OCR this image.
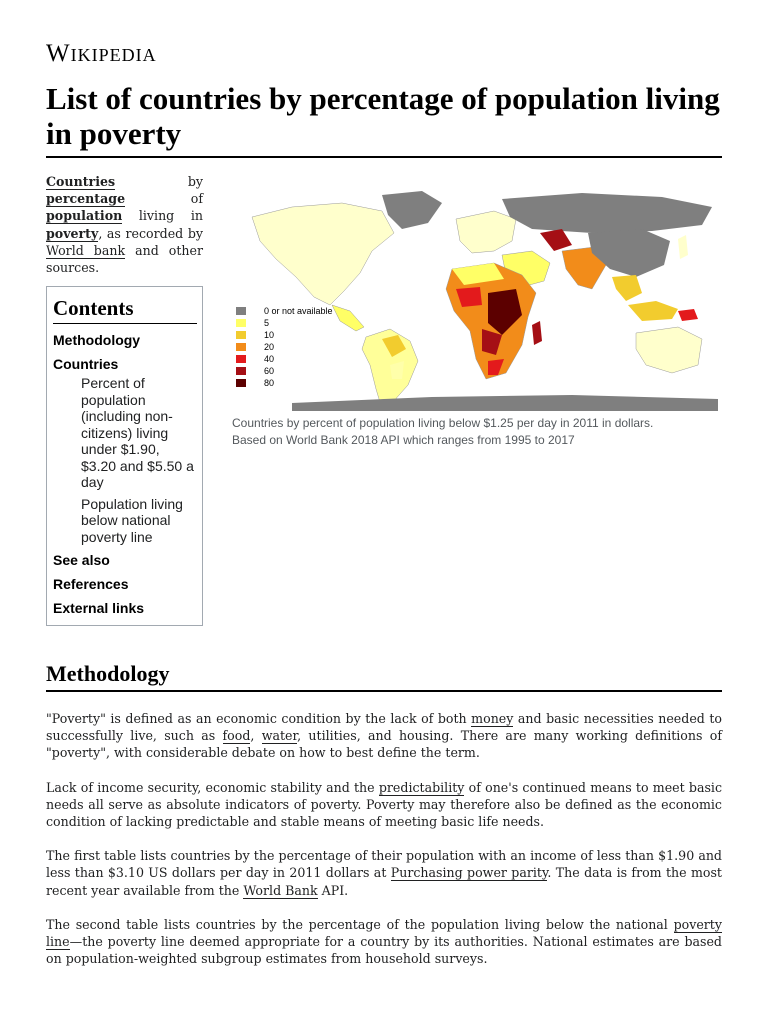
Wikipedia
List of countries by percentage of population living in poverty
Countries by percentage of population living in poverty, as recorded by World bank and other sources.
0 or not available
5
10
20
40
60
80
Countries by percent of population living below $1.25 per day in 2011 in dollars.
Based on World Bank 2018 API which ranges from 1995 to 2017
Contents
Methodology
Countries
Percent of population (including non-citizens) living under $1.90, $3.20 and $5.50 a day
Population living below national poverty line
See also
References
External links
Methodology

"Poverty" is defined as an economic condition by the lack of both money and basic necessities needed to successfully live, such as food, water, utilities, and housing. There are many working definitions of "poverty", with considerable debate on how to best define the term.

Lack of income security, economic stability and the predictability of one's continued means to meet basic needs all serve as absolute indicators of poverty. Poverty may therefore also be defined as the economic condition of lacking predictable and stable means of meeting basic life needs.

The first table lists countries by the percentage of their population with an income of less than $1.90 and less than $3.10 US dollars per day in 2011 dollars at Purchasing power parity. The data is from the most recent year available from the World Bank API.

The second table lists countries by the percentage of the population living below the national poverty line—the poverty line deemed appropriate for a country by its authorities. National estimates are based on population-weighted subgroup estimates from household surveys.
